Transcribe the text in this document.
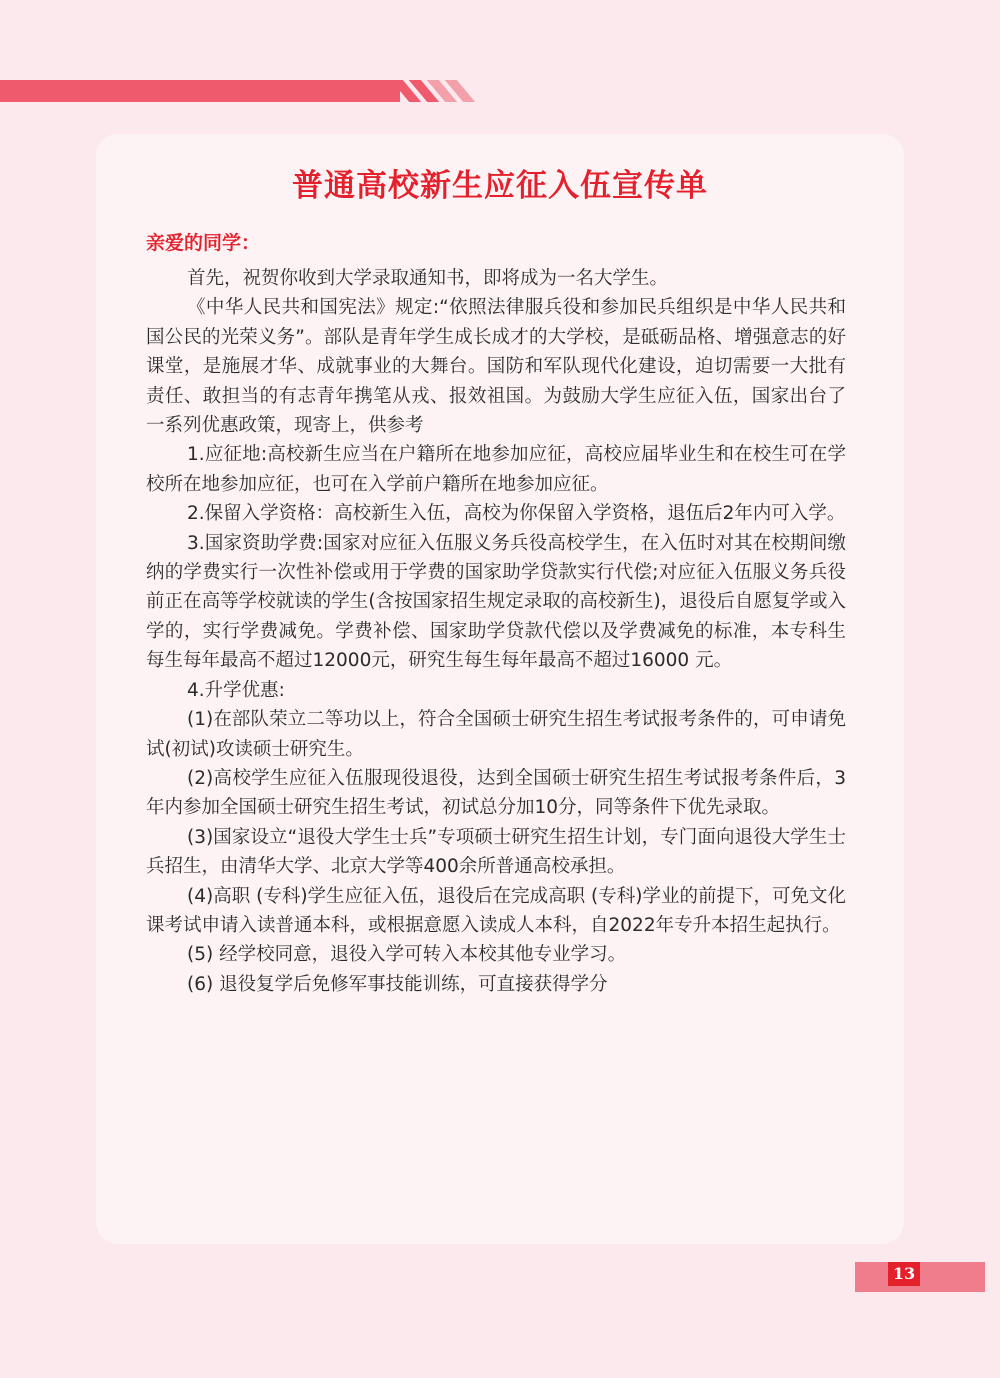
普通高校新生应征入伍宣传单
亲爱的同学：

首先，祝贺你收到大学录取通知书，即将成为一名大学生。

《中华人民共和国宪法》规定:“依照法律服兵役和参加民兵组织是中华人民共和国公民的光荣义务”。部队是青年学生成长成才的大学校，是砥砺品格、增强意志的好课堂，是施展才华、成就事业的大舞台。国防和军队现代化建设，迫切需要一大批有责任、敢担当的有志青年携笔从戎、报效祖国。为鼓励大学生应征入伍，国家出台了一系列优惠政策，现寄上，供参考

1.应征地:高校新生应当在户籍所在地参加应征，高校应届毕业生和在校生可在学校所在地参加应征，也可在入学前户籍所在地参加应征。

2.保留入学资格：高校新生入伍，高校为你保留入学资格，退伍后2年内可入学。

3.国家资助学费:国家对应征入伍服义务兵役高校学生，在入伍时对其在校期间缴纳的学费实行一次性补偿或用于学费的国家助学贷款实行代偿;对应征入伍服义务兵役前正在高等学校就读的学生(含按国家招生规定录取的高校新生)，退役后自愿复学或入学的，实行学费减免。学费补偿、国家助学贷款代偿以及学费减免的标准，本专科生每生每年最高不超过12000元，研究生每生每年最高不超过16000 元。

4.升学优惠:

(1)在部队荣立二等功以上，符合全国硕士研究生招生考试报考条件的，可申请免试(初试)攻读硕士研究生。

(2)高校学生应征入伍服现役退役，达到全国硕士研究生招生考试报考条件后，3年内参加全国硕士研究生招生考试，初试总分加10分，同等条件下优先录取。

(3)国家设立“退役大学生士兵”专项硕士研究生招生计划，专门面向退役大学生士兵招生，由清华大学、北京大学等400余所普通高校承担。

(4)高职 (专科)学生应征入伍，退役后在完成高职 (专科)学业的前提下，可免文化课考试申请入读普通本科，或根据意愿入读成人本科，自2022年专升本招生起执行。

(5) 经学校同意，退役入学可转入本校其他专业学习。

(6) 退役复学后免修军事技能训练，可直接获得学分

13
